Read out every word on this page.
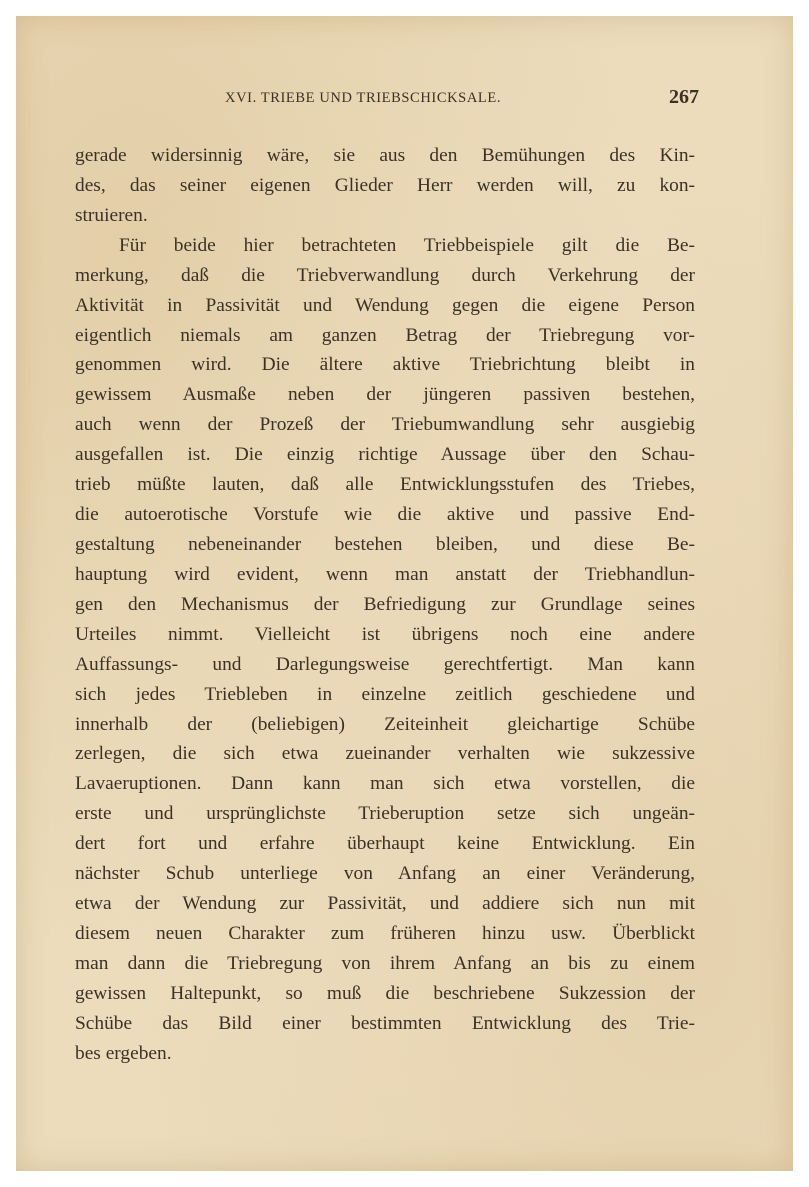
XVI. TRIEBE UND TRIEBSCHICKSALE.	267
gerade widersinnig wäre, sie aus den Bemühungen des Kin-
des, das seiner eigenen Glieder Herr werden will, zu kon-
struieren.
Für beide hier betrachteten Triebbeispiele gilt die Be-
merkung, daß die Triebverwandlung durch Verkehrung der
Aktivität in Passivität und Wendung gegen die eigene Person
eigentlich niemals am ganzen Betrag der Triebregung vor-
genommen wird. Die ältere aktive Triebrichtung bleibt in
gewissem Ausmaße neben der jüngeren passiven bestehen,
auch wenn der Prozeß der Triebumwandlung sehr ausgiebig
ausgefallen ist. Die einzig richtige Aussage über den Schau-
trieb müßte lauten, daß alle Entwicklungsstufen des Triebes,
die autoerotische Vorstufe wie die aktive und passive End-
gestaltung nebeneinander bestehen bleiben, und diese Be-
hauptung wird evident, wenn man anstatt der Triebhandlun-
gen den Mechanismus der Befriedigung zur Grundlage seines
Urteiles nimmt. Vielleicht ist übrigens noch eine andere
Auffassungs- und Darlegungsweise gerechtfertigt. Man kann
sich jedes Triebleben in einzelne zeitlich geschiedene und
innerhalb der (beliebigen) Zeiteinheit gleichartige Schübe
zerlegen, die sich etwa zueinander verhalten wie sukzessive
Lavaeruptionen. Dann kann man sich etwa vorstellen, die
erste und ursprünglichste Trieberuption setze sich ungeän-
dert fort und erfahre überhaupt keine Entwicklung. Ein
nächster Schub unterliege von Anfang an einer Veränderung,
etwa der Wendung zur Passivität, und addiere sich nun mit
diesem neuen Charakter zum früheren hinzu usw. Überblickt
man dann die Triebregung von ihrem Anfang an bis zu einem
gewissen Haltepunkt, so muß die beschriebene Sukzession der
Schübe das Bild einer bestimmten Entwicklung des Trie-
bes ergeben.
